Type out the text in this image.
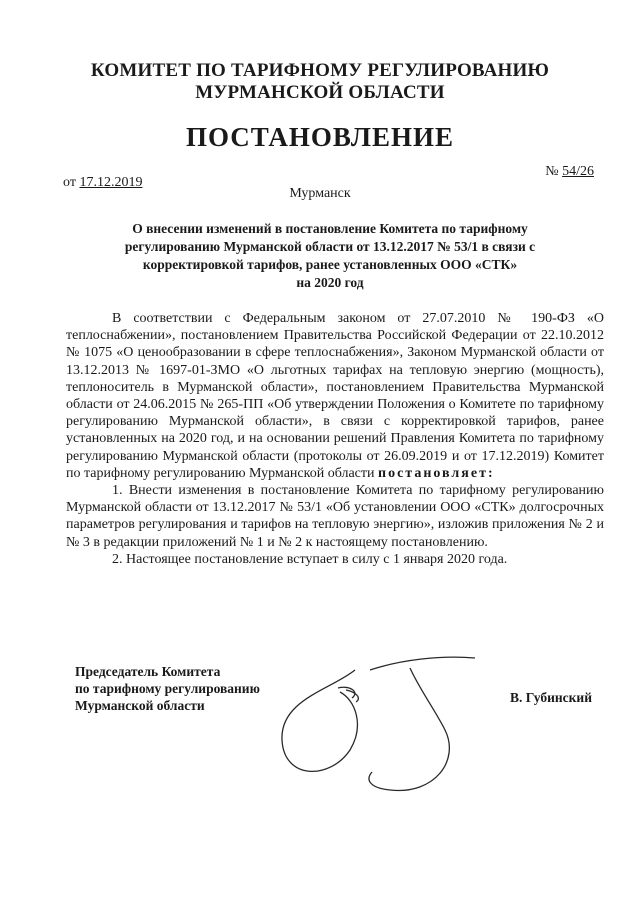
КОМИТЕТ ПО ТАРИФНОМУ РЕГУЛИРОВАНИЮ
МУРМАНСКОЙ ОБЛАСТИ
ПОСТАНОВЛЕНИЕ
от 17.12.2019
№ 54/26
Мурманск
О внесении изменений в постановление Комитета по тарифному
регулированию Мурманской области от 13.12.2017 № 53/1 в связи с
корректировкой тарифов, ранее установленных ООО «СТК»
на 2020 год

В соответствии с Федеральным законом от 27.07.2010 № 190-ФЗ «О теплоснабжении», постановлением Правительства Российской Федерации от 22.10.2012 № 1075 «О ценообразовании в сфере теплоснабжения», Законом Мурманской области от 13.12.2013 № 1697-01-ЗМО «О льготных тарифах на тепловую энергию (мощность), теплоноситель в Мурманской области», постановлением Правительства Мурманской области от 24.06.2015 № 265-ПП «Об утверждении Положения о Комитете по тарифному регулированию Мурманской области», в связи с корректировкой тарифов, ранее установленных на 2020 год, и на основании решений Правления Комитета по тарифному регулированию Мурманской области (протоколы от 26.09.2019 и от 17.12.2019) Комитет по тарифному регулированию Мурманской области постановляет:

1. Внести изменения в постановление Комитета по тарифному регулированию Мурманской области от 13.12.2017 № 53/1 «Об установлении ООО «СТК» долгосрочных параметров регулирования и тарифов на тепловую энергию», изложив приложения № 2 и № 3 в редакции приложений № 1 и № 2 к настоящему постановлению.

2. Настоящее постановление вступает в силу с 1 января 2020 года.

Председатель Комитета
по тарифному регулированию
Мурманской области
В. Губинский
